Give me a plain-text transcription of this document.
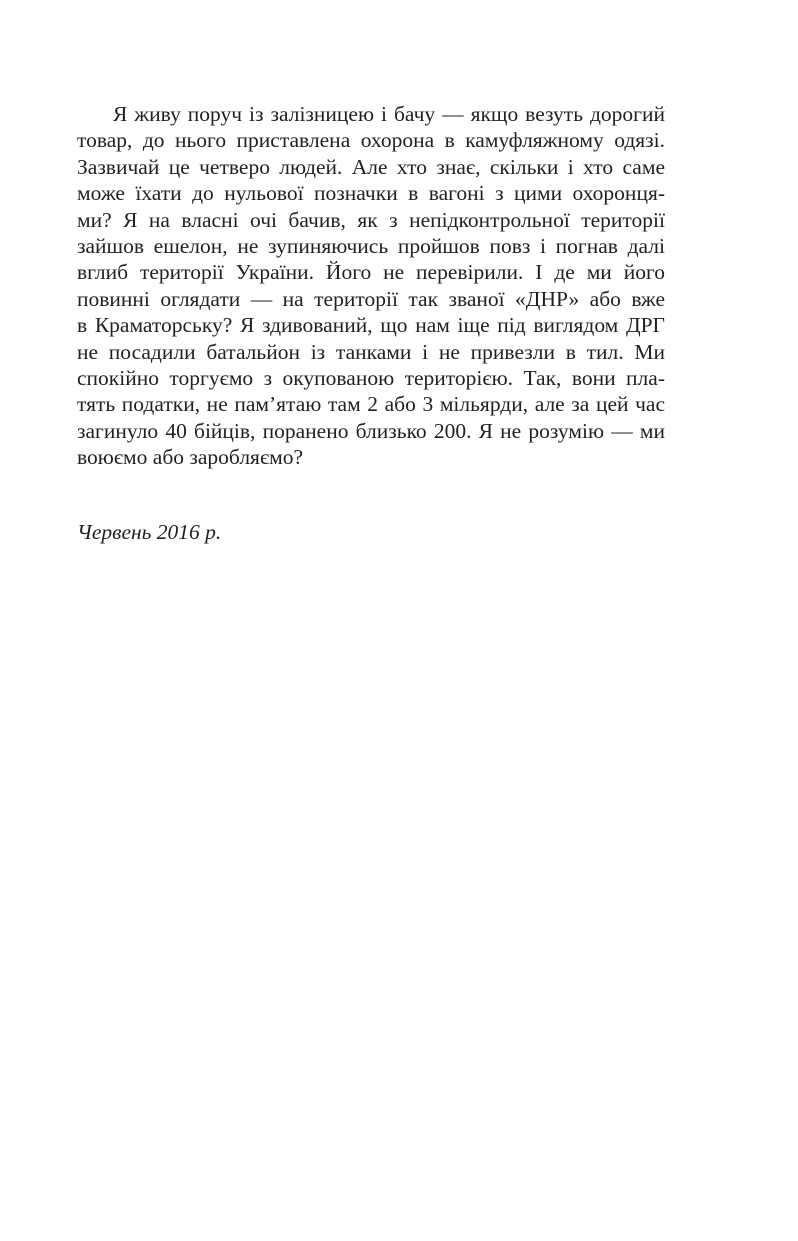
Я живу поруч із залізницею і бачу — якщо везуть дорогий
товар, до нього приставлена охорона в камуфляжному одязі.
Зазвичай це четверо людей. Але хто знає, скільки і хто саме
може їхати до нульової позначки в вагоні з цими охоронця-
ми? Я на власні очі бачив, як з непідконтрольної території
зайшов ешелон, не зупиняючись пройшов повз і погнав далі
вглиб території України. Його не перевірили. І де ми його
повинні оглядати — на території так званої «ДНР» або вже
в Краматорську? Я здивований, що нам іще під виглядом ДРГ
не посадили батальйон із танками і не привезли в тил. Ми
спокійно торгуємо з окупованою територією. Так, вони пла-
тять податки, не пам’ятаю там 2 або 3 мільярди, але за цей час
загинуло 40 бійців, поранено близько 200. Я не розумію — ми
воюємо або заробляємо?
Червень 2016 р.
